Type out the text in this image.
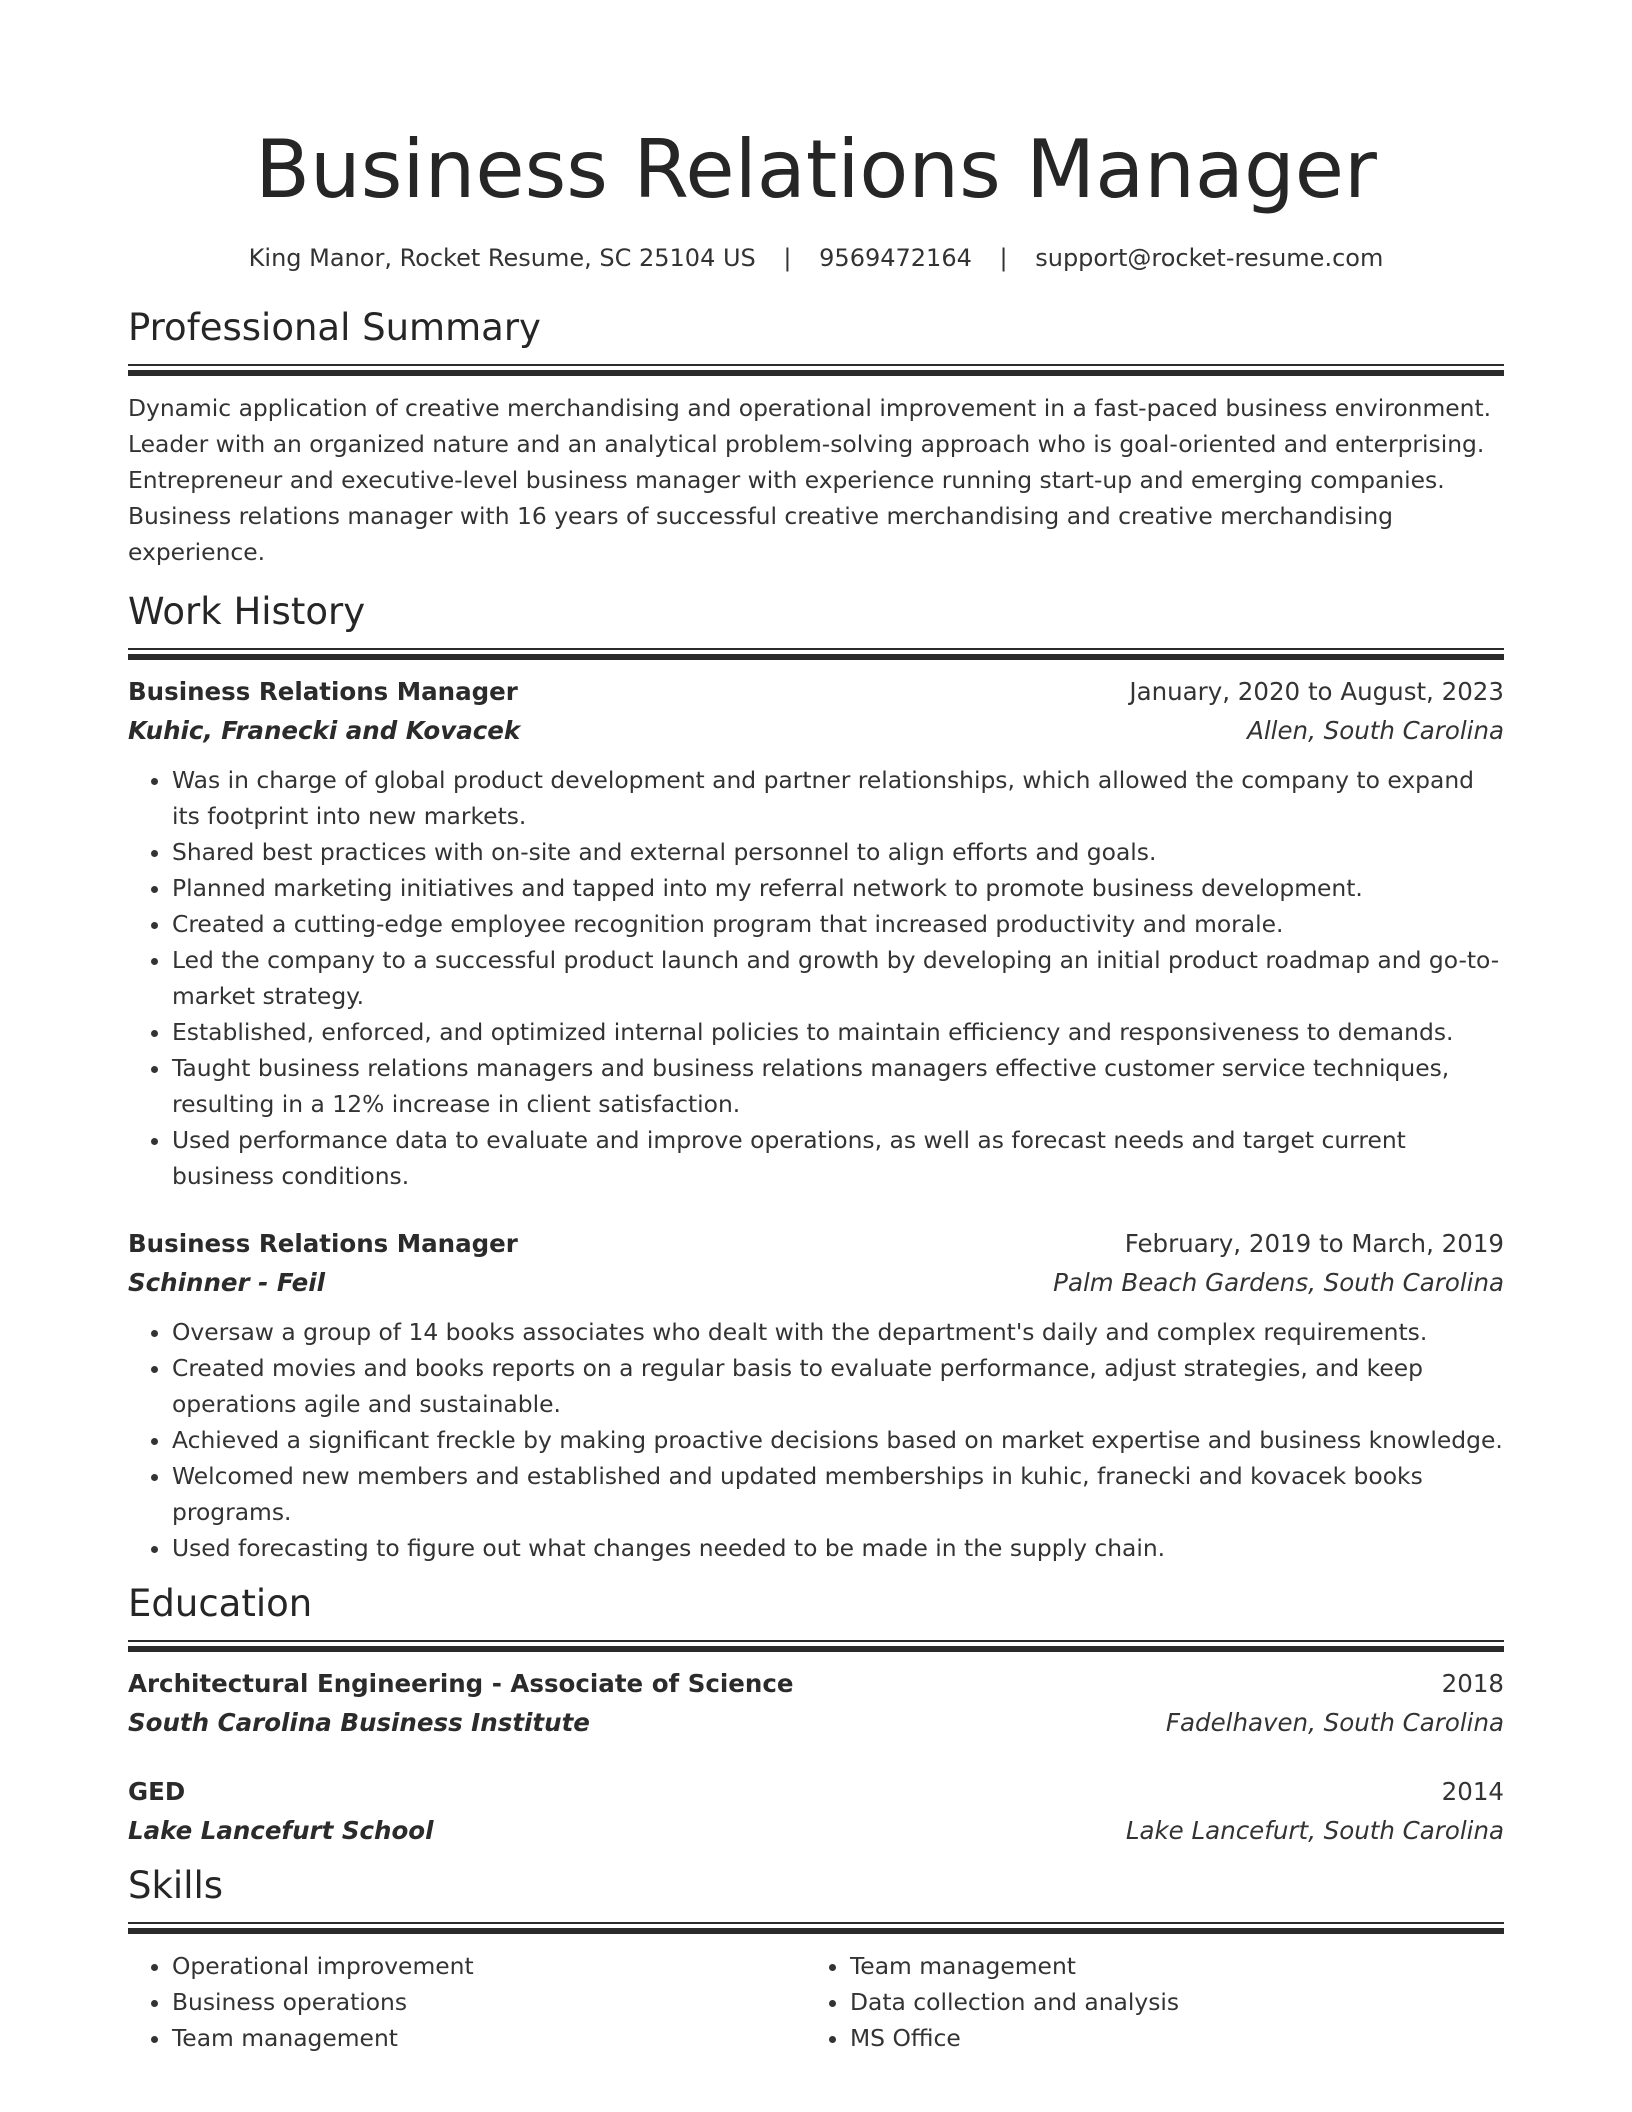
Business Relations Manager
King Manor, Rocket Resume, SC 25104 US | 9569472164 | support@rocket-resume.com
Professional Summary

Dynamic application of creative merchandising and operational improvement in a fast-paced business environment. Leader with an organized nature and an analytical problem-solving approach who is goal-oriented and enterprising. Entrepreneur and executive-level business manager with experience running start-up and emerging companies. Business relations manager with 16 years of successful creative merchandising and creative merchandising experience.

Work History
Business Relations Manager	January, 2020 to August, 2023
Kuhic, Franecki and Kovacek	Allen, South Carolina
• Was in charge of global product development and partner relationships, which allowed the company to expand its footprint into new markets.
• Shared best practices with on-site and external personnel to align efforts and goals.
• Planned marketing initiatives and tapped into my referral network to promote business development.
• Created a cutting-edge employee recognition program that increased productivity and morale.
• Led the company to a successful product launch and growth by developing an initial product roadmap and go-to-market strategy.
• Established, enforced, and optimized internal policies to maintain efficiency and responsiveness to demands.
• Taught business relations managers and business relations managers effective customer service techniques, resulting in a 12% increase in client satisfaction.
• Used performance data to evaluate and improve operations, as well as forecast needs and target current business conditions.
Business Relations Manager	February, 2019 to March, 2019
Schinner - Feil	Palm Beach Gardens, South Carolina
• Oversaw a group of 14 books associates who dealt with the department's daily and complex requirements.
• Created movies and books reports on a regular basis to evaluate performance, adjust strategies, and keep operations agile and sustainable.
• Achieved a significant freckle by making proactive decisions based on market expertise and business knowledge.
• Welcomed new members and established and updated memberships in kuhic, franecki and kovacek books programs.
• Used forecasting to figure out what changes needed to be made in the supply chain.
Education
Architectural Engineering - Associate of Science	2018
South Carolina Business Institute	Fadelhaven, South Carolina
GED	2014
Lake Lancefurt School	Lake Lancefurt, South Carolina
Skills
• Operational improvement
• Business operations
• Team management
• Team management
• Data collection and analysis
• MS Office
